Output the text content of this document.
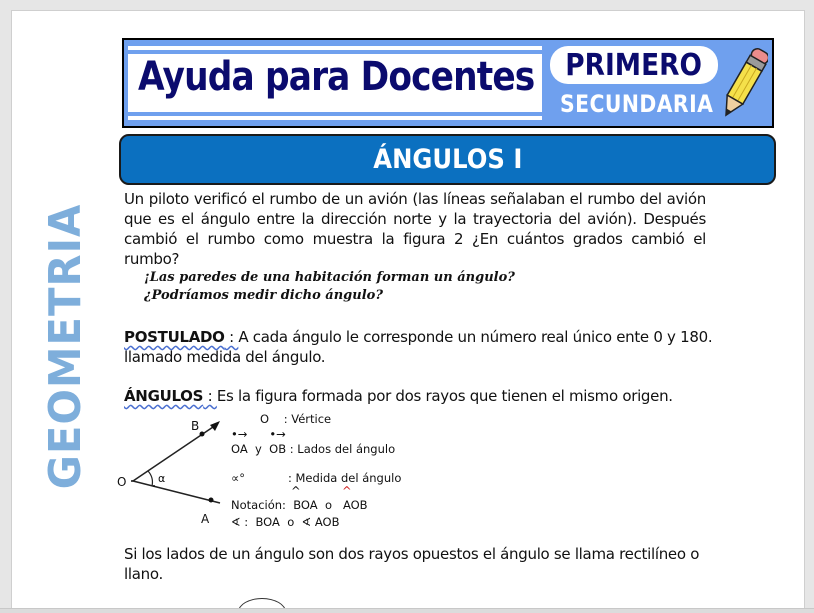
Ayuda para Docentes PRIMERO
SECUNDARIA
ÁNGULOS I
GEOMETRIA
Un piloto verificó el rumbo de un avión (las líneas señalaban el rumbo del avión que es el ángulo entre la dirección norte y la trayectoria del avión). Después cambió el rumbo como muestra la figura 2 ¿En cuántos grados cambió el rumbo?
¡Las paredes de una habitación forman un ángulo?
¿Podríamos medir dicho ángulo?
POSTULADO : A cada ángulo le corresponde un número real único ente 0 y 180.
llamado medida del ángulo.
ÁNGULOS : Es la figura formada por dos rayos que tienen el mismo origen.
O
B
A
α
O : Vértice
•→ •→
OA y OB : Lados del ángulo
∝°	: Medida del ángulo
^	^
Notación: BOA o AOB
∢ : BOA o ∢ AOB
Si los lados de un ángulo son dos rayos opuestos el ángulo se llama rectilíneo o
llano.
